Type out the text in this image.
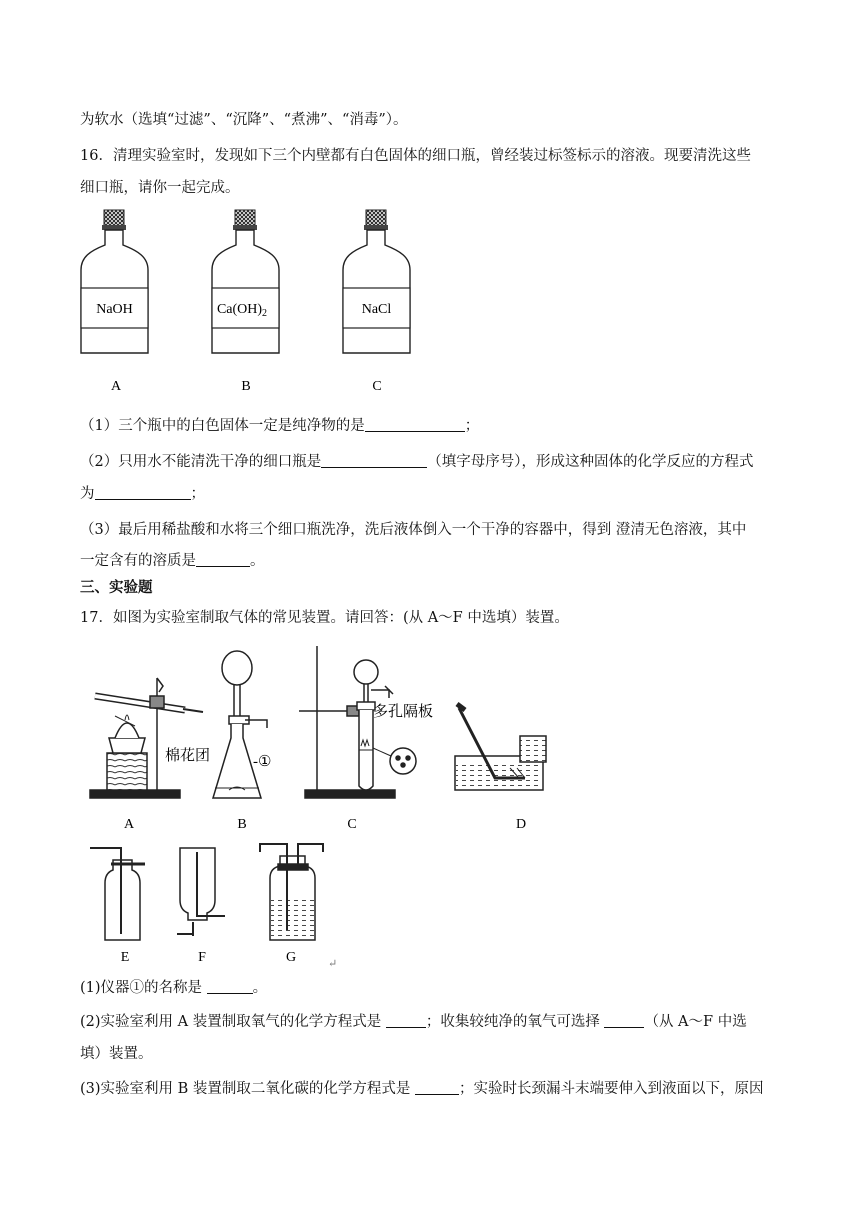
为软水（选填“过滤”、“沉降”、“煮沸”、“消毒”）。
16．清理实验室时，发现如下三个内壁都有白色固体的细口瓶，曾经装过标签标示的溶液。现要清洗这些
细口瓶，请你一起完成。
NaOH	$Ca(OH)_2$	NaCl
A	B	C
（1）三个瓶中的白色固体一定是纯净物的是	；
（2）只用水不能清洗干净的细口瓶是	（填字母序号），形成这种固体的化学反应的方程式
为	；
（3）最后用稀盐酸和水将三个细口瓶洗净，洗后液体倒入一个干净的容器中，得到 澄清无色溶液，其中
一定含有的溶质是	。
三、实验题
17．如图为实验室制取气体的常见装置。请回答：(从 A～F 中选填）装置。
棉花团	-①
多孔隔板
A	B	C	D
E	F	G	↵
(1)仪器①的名称是	。
(2)实验室利用 A 装置制取氧气的化学方程式是	；收集较纯净的氧气可选择	（从 A～F 中选
填）装置。
(3)实验室利用 B 装置制取二氧化碳的化学方程式是	；实验时长颈漏斗末端要伸入到液面以下，原因
